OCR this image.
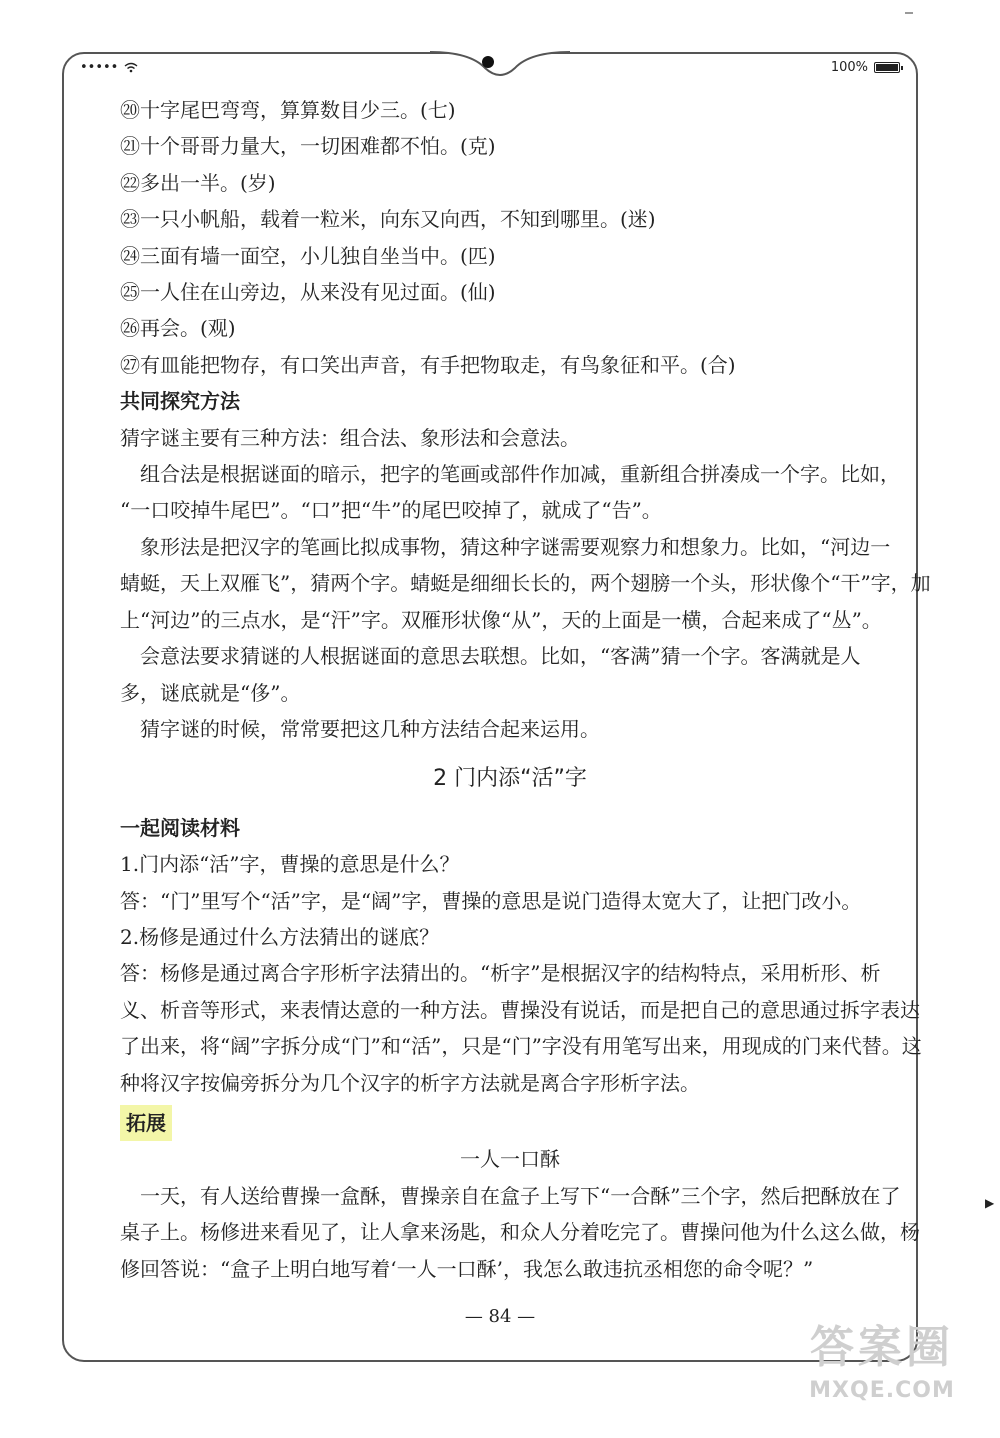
•••••	100%
⑳十字尾巴弯弯，算算数目少三。(七)
㉑十个哥哥力量大，一切困难都不怕。(克)
㉒多出一半。(岁)
㉓一只小帆船，载着一粒米，向东又向西，不知到哪里。(迷)
㉔三面有墙一面空，小儿独自坐当中。(匹)
㉕一人住在山旁边，从来没有见过面。(仙)
㉖再会。(观)
㉗有皿能把物存，有口笑出声音，有手把物取走，有鸟象征和平。(合)
共同探究方法
猜字谜主要有三种方法：组合法、象形法和会意法。
　组合法是根据谜面的暗示，把字的笔画或部件作加减，重新组合拼凑成一个字。比如，
“一口咬掉牛尾巴”。“口”把“牛”的尾巴咬掉了，就成了“告”。
　象形法是把汉字的笔画比拟成事物，猜这种字谜需要观察力和想象力。比如，“河边一
蜻蜓，天上双雁飞”，猜两个字。蜻蜓是细细长长的，两个翅膀一个头，形状像个“干”字，加
上“河边”的三点水，是“汗”字。双雁形状像“从”，天的上面是一横，合起来成了“丛”。
　会意法要求猜谜的人根据谜面的意思去联想。比如，“客满”猜一个字。客满就是人
多，谜底就是“侈”。
　猜字谜的时候，常常要把这几种方法结合起来运用。
2 门内添“活”字
一起阅读材料
1.门内添“活”字，曹操的意思是什么？
答：“门”里写个“活”字，是“阔”字，曹操的意思是说门造得太宽大了，让把门改小。
2.杨修是通过什么方法猜出的谜底？
答：杨修是通过离合字形析字法猜出的。“析字”是根据汉字的结构特点，采用析形、析
义、析音等形式，来表情达意的一种方法。曹操没有说话，而是把自己的意思通过拆字表达
了出来，将“阔”字拆分成“门”和“活”，只是“门”字没有用笔写出来，用现成的门来代替。这
种将汉字按偏旁拆分为几个汉字的析字方法就是离合字形析字法。
拓展
一人一口酥
　一天，有人送给曹操一盒酥，曹操亲自在盒子上写下“一合酥”三个字，然后把酥放在了
桌子上。杨修进来看见了，让人拿来汤匙，和众人分着吃完了。曹操问他为什么这么做，杨
修回答说：“盒子上明白地写着‘一人一口酥’，我怎么敢违抗丞相您的命令呢？”
▶
— 84 —
答案圈
MXQE.COM
